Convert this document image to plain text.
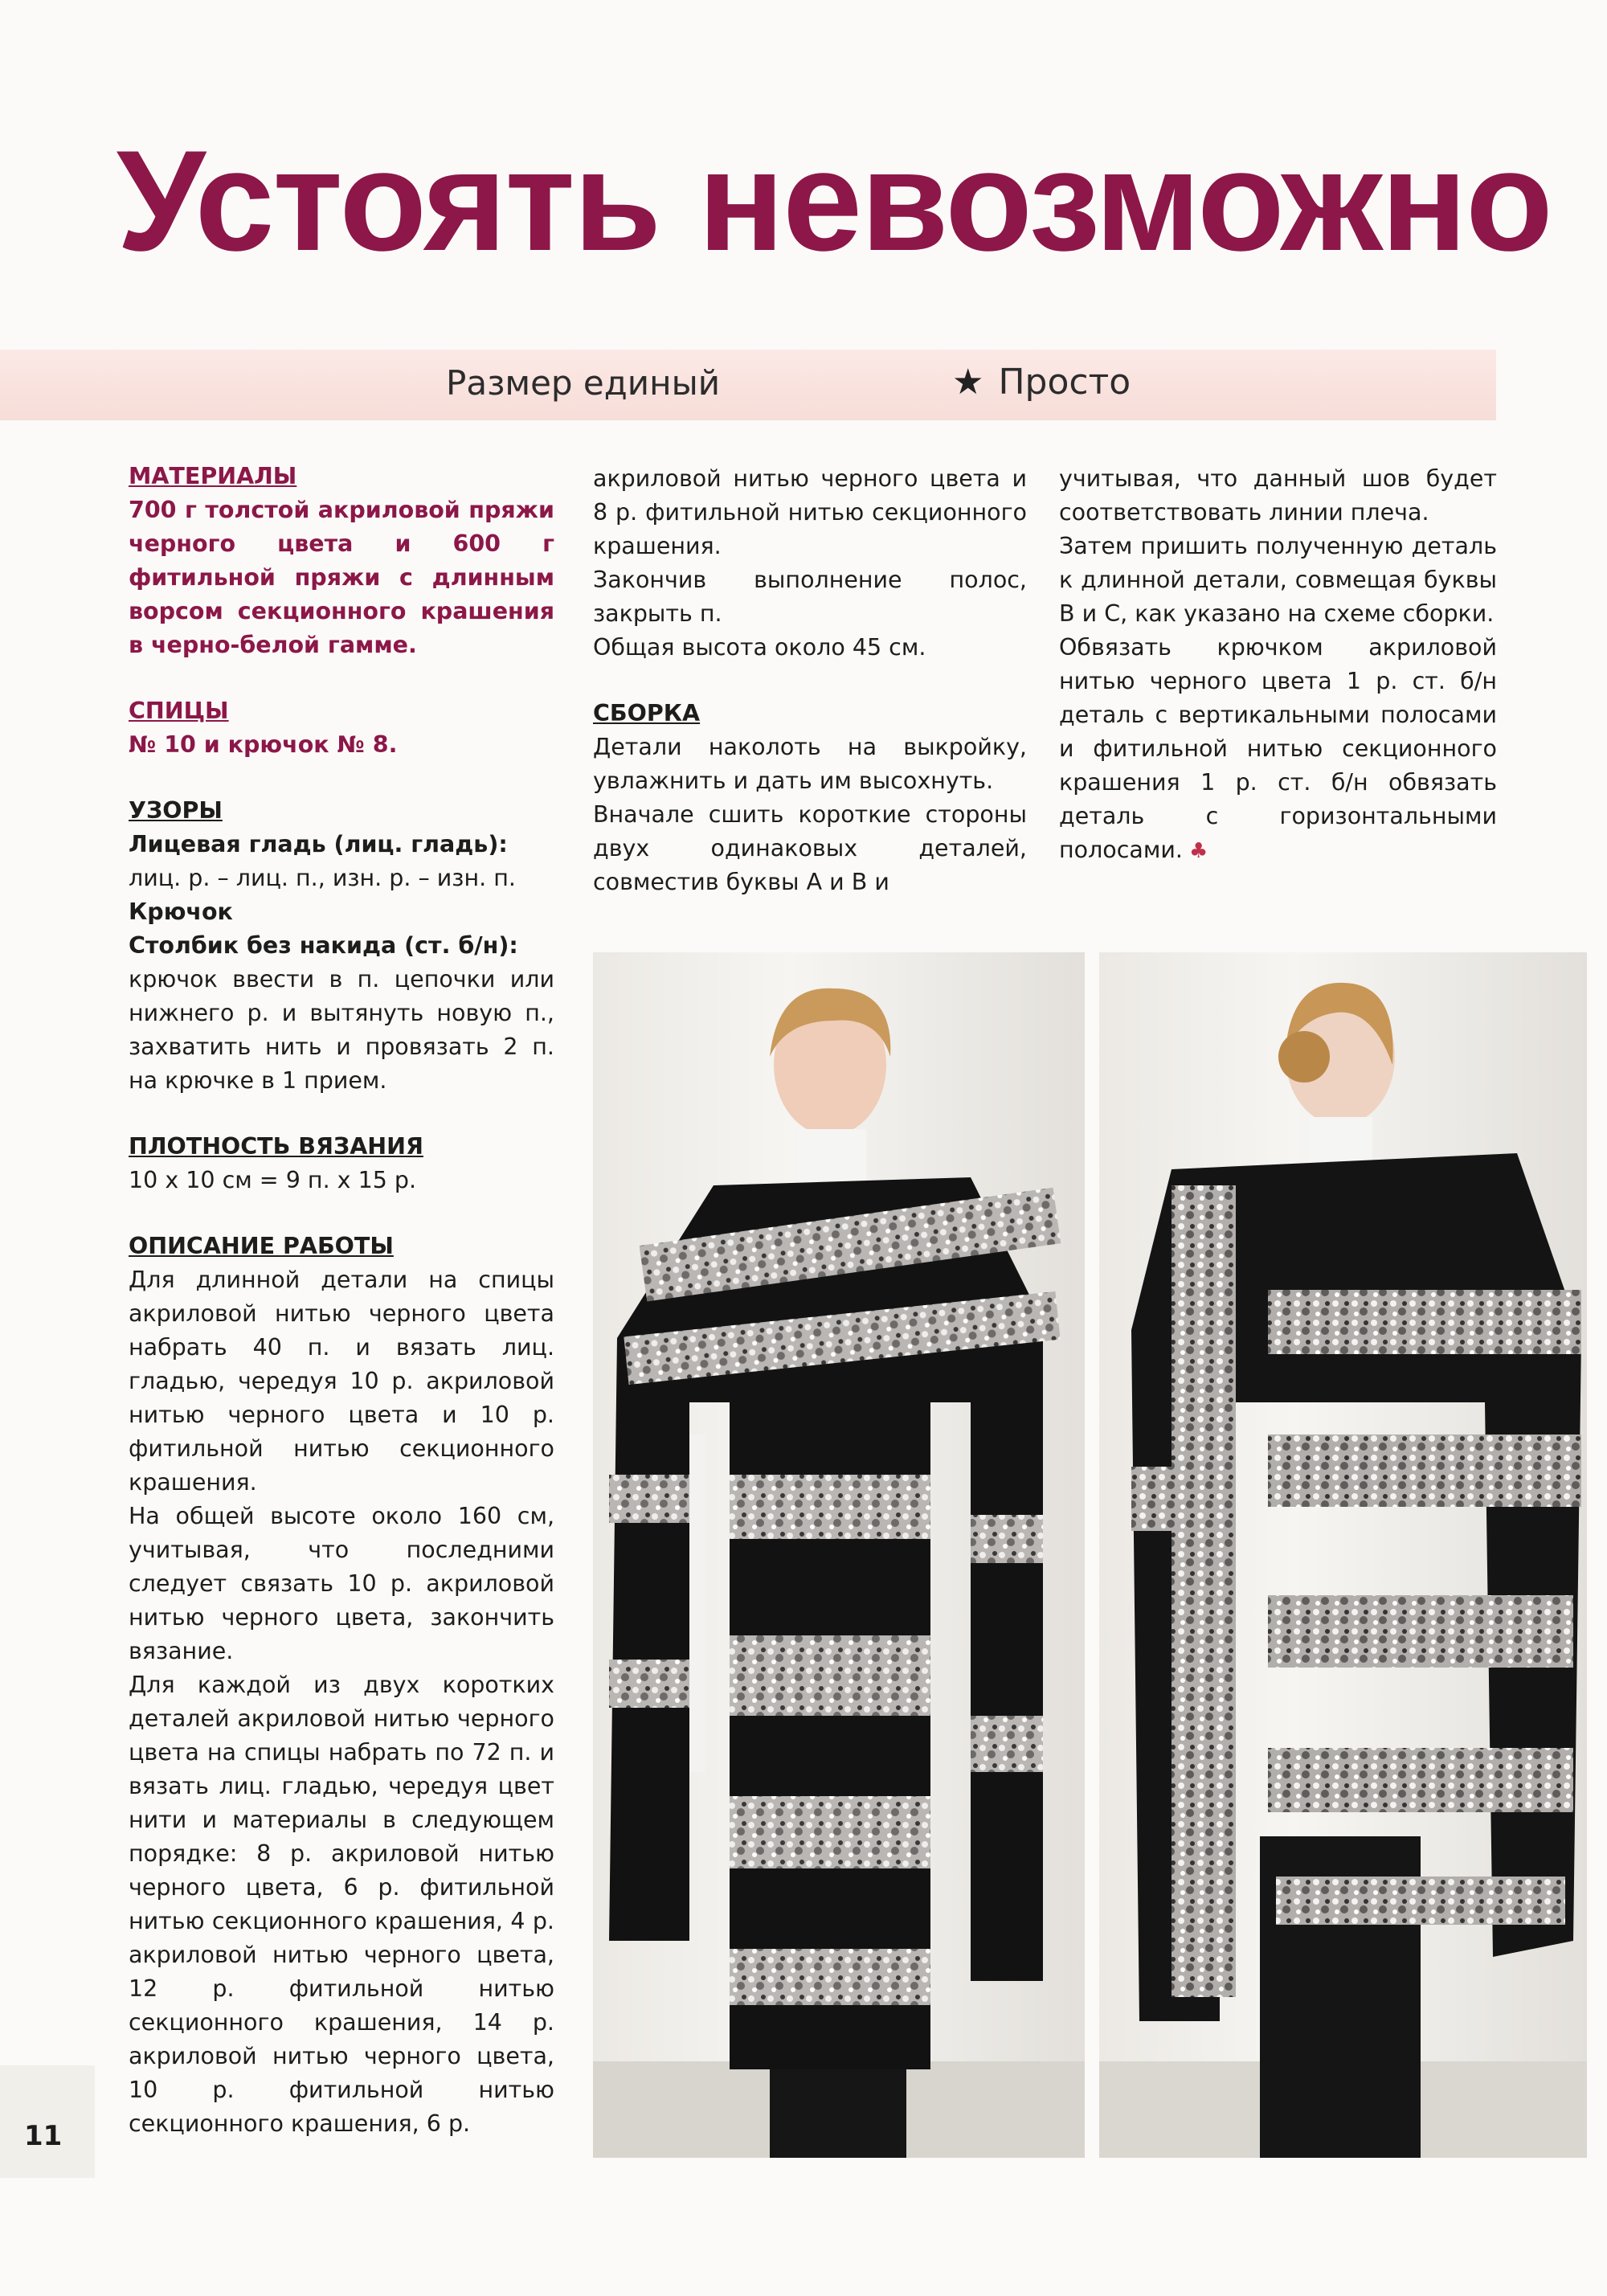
Устоять невозможно
Размер единый	★ Просто

МАТЕРИАЛЫ

700 г толстой акриловой пряжи черного цвета и 600 г фитильной пряжи с длинным ворсом секционного крашения в черно-белой гамме.

СПИЦЫ

№ 10 и крючок № 8.

УЗОРЫ

Лицевая гладь (лиц. гладь):

лиц. р. – лиц. п., изн. р. – изн. п.

Крючок

Столбик без накида (ст. б/н):

крючок ввести в п. цепочки или нижнего р. и вытянуть новую п., захватить нить и провязать 2 п. на крючке в 1 прием.

ПЛОТНОСТЬ ВЯЗАНИЯ

10 х 10 см = 9 п. х 15 р.

ОПИСАНИЕ РАБОТЫ

Для длинной детали на спицы акриловой нитью черного цвета набрать 40 п. и вязать лиц. гладью, чередуя 10 р. акриловой нитью черного цвета и 10 р. фитильной нитью секционного крашения.

На общей высоте около 160 см, учитывая, что последними следует связать 10 р. акриловой нитью черного цвета, закончить вязание.

Для каждой из двух коротких деталей акриловой нитью черного цвета на спицы набрать по 72 п. и вязать лиц. гладью, чередуя цвет нити и материалы в следующем порядке: 8 р. акриловой нитью черного цвета, 6 р. фитильной нитью секционного крашения, 4 р. акриловой нитью черного цвета, 12 р. фитильной нитью секционного крашения, 14 р. акриловой нитью черного цвета, 10 р. фитильной нитью секционного крашения, 6 р.

акриловой нитью черного цвета и 8 р. фитильной нитью секционного крашения.

Закончив выполнение полос, закрыть п.

Общая высота около 45 см.

СБОРКА

Детали наколоть на выкройку, увлажнить и дать им высохнуть.

Вначале сшить короткие стороны двух одинаковых деталей, совместив буквы А и В и

учитывая, что данный шов будет соответствовать линии плеча.

Затем пришить полученную деталь к длинной детали, совмещая буквы В и С, как указано на схеме сборки.

Обвязать крючком акриловой нитью черного цвета 1 р. ст. б/н деталь с вертикальными полосами и фитильной нитью секционного крашения 1 р. ст. б/н обвязать деталь с горизонтальными полосами. ♣

11
